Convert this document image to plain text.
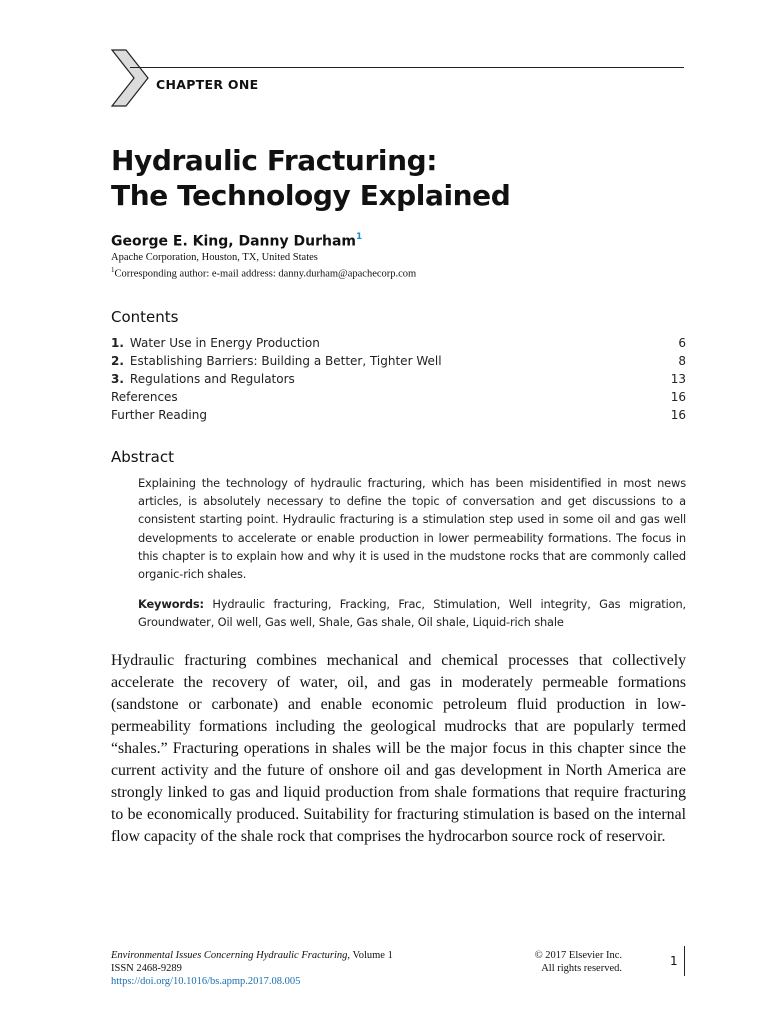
CHAPTER ONE
Hydraulic Fracturing:
The Technology Explained
George E. King, Danny Durham$^1$
Apache Corporation, Houston, TX, United States
$^1$Corresponding author: e-mail address: danny.durham@apachecorp.com
Contents
1. Water Use in Energy Production	6
2. Establishing Barriers: Building a Better, Tighter Well	8
3. Regulations and Regulators	13
References	16
Further Reading	16
Abstract
Explaining the technology of hydraulic fracturing, which has been misidentified in most news articles, is absolutely necessary to define the topic of conversation and get discussions to a consistent starting point. Hydraulic fracturing is a stimulation step used in some oil and gas well developments to accelerate or enable production in lower permeability formations. The focus in this chapter is to explain how and why it is used in the mudstone rocks that are commonly called organic-rich shales.
Keywords: Hydraulic fracturing, Fracking, Frac, Stimulation, Well integrity, Gas migration, Groundwater, Oil well, Gas well, Shale, Gas shale, Oil shale, Liquid-rich shale
Hydraulic fracturing combines mechanical and chemical processes that collectively accelerate the recovery of water, oil, and gas in moderately permeable formations (sandstone or carbonate) and enable economic petroleum fluid production in low-permeability formations including the geological mudrocks that are popularly termed “shales.” Fracturing operations in shales will be the major focus in this chapter since the current activity and the future of onshore oil and gas development in North America are strongly linked to gas and liquid production from shale formations that require fracturing to be economically produced. Suitability for fracturing stimulation is based on the internal flow capacity of the shale rock that comprises the hydrocarbon source rock of reservoir.
Environmental Issues Concerning Hydraulic Fracturing, Volume 1
ISSN 2468-9289
https://doi.org/10.1016/bs.apmp.2017.08.005
© 2017 Elsevier Inc.
All rights reserved.
1
